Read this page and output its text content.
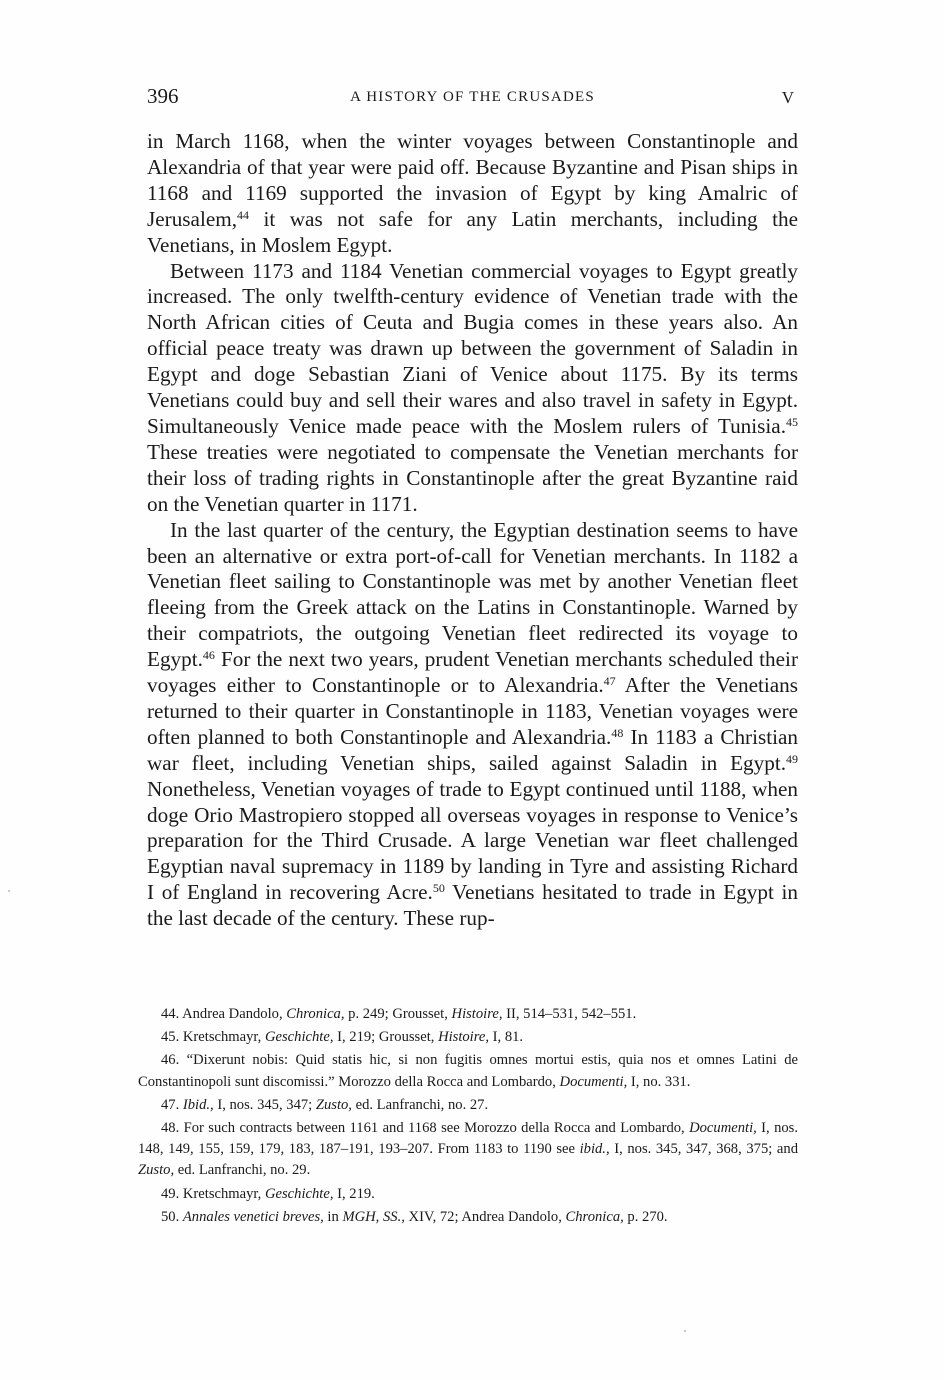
396	A HISTORY OF THE CRUSADES	V

in March 1168, when the winter voyages between Constantinople and Alexandria of that year were paid off. Because Byzantine and Pisan ships in 1168 and 1169 supported the invasion of Egypt by king Amalric of Jerusalem,$^{44}$ it was not safe for any Latin merchants, including the Venetians, in Moslem Egypt.

Between 1173 and 1184 Venetian commercial voyages to Egypt greatly increased. The only twelfth-century evidence of Venetian trade with the North African cities of Ceuta and Bugia comes in these years also. An official peace treaty was drawn up between the government of Saladin in Egypt and doge Sebastian Ziani of Venice about 1175. By its terms Venetians could buy and sell their wares and also travel in safety in Egypt. Simultaneously Venice made peace with the Moslem rulers of Tunisia.$^{45}$ These treaties were negotiated to compensate the Venetian merchants for their loss of trading rights in Constantinople after the great Byzantine raid on the Venetian quarter in 1171.

In the last quarter of the century, the Egyptian destination seems to have been an alternative or extra port-of-call for Venetian merchants. In 1182 a Venetian fleet sailing to Constantinople was met by another Venetian fleet fleeing from the Greek attack on the Latins in Constantinople. Warned by their compatriots, the outgoing Venetian fleet redirected its voyage to Egypt.$^{46}$ For the next two years, prudent Venetian merchants scheduled their voyages either to Constantinople or to Alexandria.$^{47}$ After the Venetians returned to their quarter in Constantinople in 1183, Venetian voyages were often planned to both Constantinople and Alexandria.$^{48}$ In 1183 a Christian war fleet, including Venetian ships, sailed against Saladin in Egypt.$^{49}$ Nonetheless, Venetian voyages of trade to Egypt continued until 1188, when doge Orio Mastropiero stopped all overseas voyages in response to Venice’s preparation for the Third Crusade. A large Venetian war fleet challenged Egyptian naval supremacy in 1189 by landing in Tyre and assisting Richard I of England in recovering Acre.$^{50}$ Venetians hesitated to trade in Egypt in the last decade of the century. These rup-

44. Andrea Dandolo, Chronica, p. 249; Grousset, Histoire, II, 514–531, 542–551.

45. Kretschmayr, Geschichte, I, 219; Grousset, Histoire, I, 81.

46. “Dixerunt nobis: Quid statis hic, si non fugitis omnes mortui estis, quia nos et omnes Latini de Constantinopoli sunt discomissi.” Morozzo della Rocca and Lombardo, Documenti, I, no. 331.

47. Ibid., I, nos. 345, 347; Zusto, ed. Lanfranchi, no. 27.

48. For such contracts between 1161 and 1168 see Morozzo della Rocca and Lombardo, Documenti, I, nos. 148, 149, 155, 159, 179, 183, 187–191, 193–207. From 1183 to 1190 see ibid., I, nos. 345, 347, 368, 375; and Zusto, ed. Lanfranchi, no. 29.

49. Kretschmayr, Geschichte, I, 219.

50. Annales venetici breves, in MGH, SS., XIV, 72; Andrea Dandolo, Chronica, p. 270.
